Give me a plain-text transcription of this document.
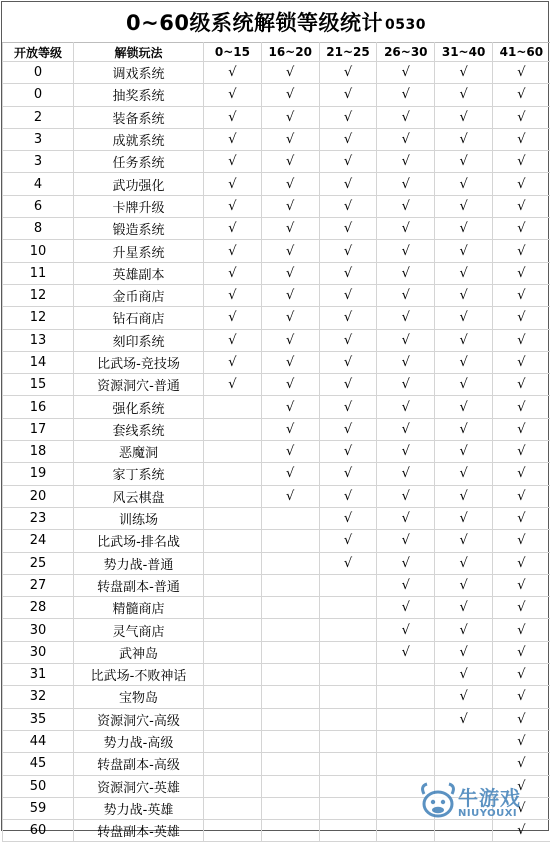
0~60级系统解锁等级统计 0530
开放等级	解锁玩法	0~15	16~20	21~25	26~30	31~40	41~60
0	调戏系统	√	√	√	√	√	√
0	抽奖系统	√	√	√	√	√	√
2	装备系统	√	√	√	√	√	√
3	成就系统	√	√	√	√	√	√
3	任务系统	√	√	√	√	√	√
4	武功强化	√	√	√	√	√	√
6	卡牌升级	√	√	√	√	√	√
8	锻造系统	√	√	√	√	√	√
10	升星系统	√	√	√	√	√	√
11	英雄副本	√	√	√	√	√	√
12	金币商店	√	√	√	√	√	√
12	钻石商店	√	√	√	√	√	√
13	刻印系统	√	√	√	√	√	√
14	比武场-竞技场	√	√	√	√	√	√
15	资源洞穴-普通	√	√	√	√	√	√
16	强化系统		√	√	√	√	√
17	套线系统		√	√	√	√	√
18	恶魔洞		√	√	√	√	√
19	家丁系统		√	√	√	√	√
20	风云棋盘		√	√	√	√	√
23	训练场			√	√	√	√
24	比武场-排名战			√	√	√	√
25	势力战-普通			√	√	√	√
27	转盘副本-普通				√	√	√
28	精髓商店				√	√	√
30	灵气商店				√	√	√
30	武神岛				√	√	√
31	比武场-不败神话					√	√
32	宝物岛					√	√
35	资源洞穴-高级					√	√
44	势力战-高级						√
45	转盘副本-高级						√
50	资源洞穴-英雄						√
59	势力战-英雄						√
60	转盘副本-英雄						√
牛游戏
NIUYOUXI
